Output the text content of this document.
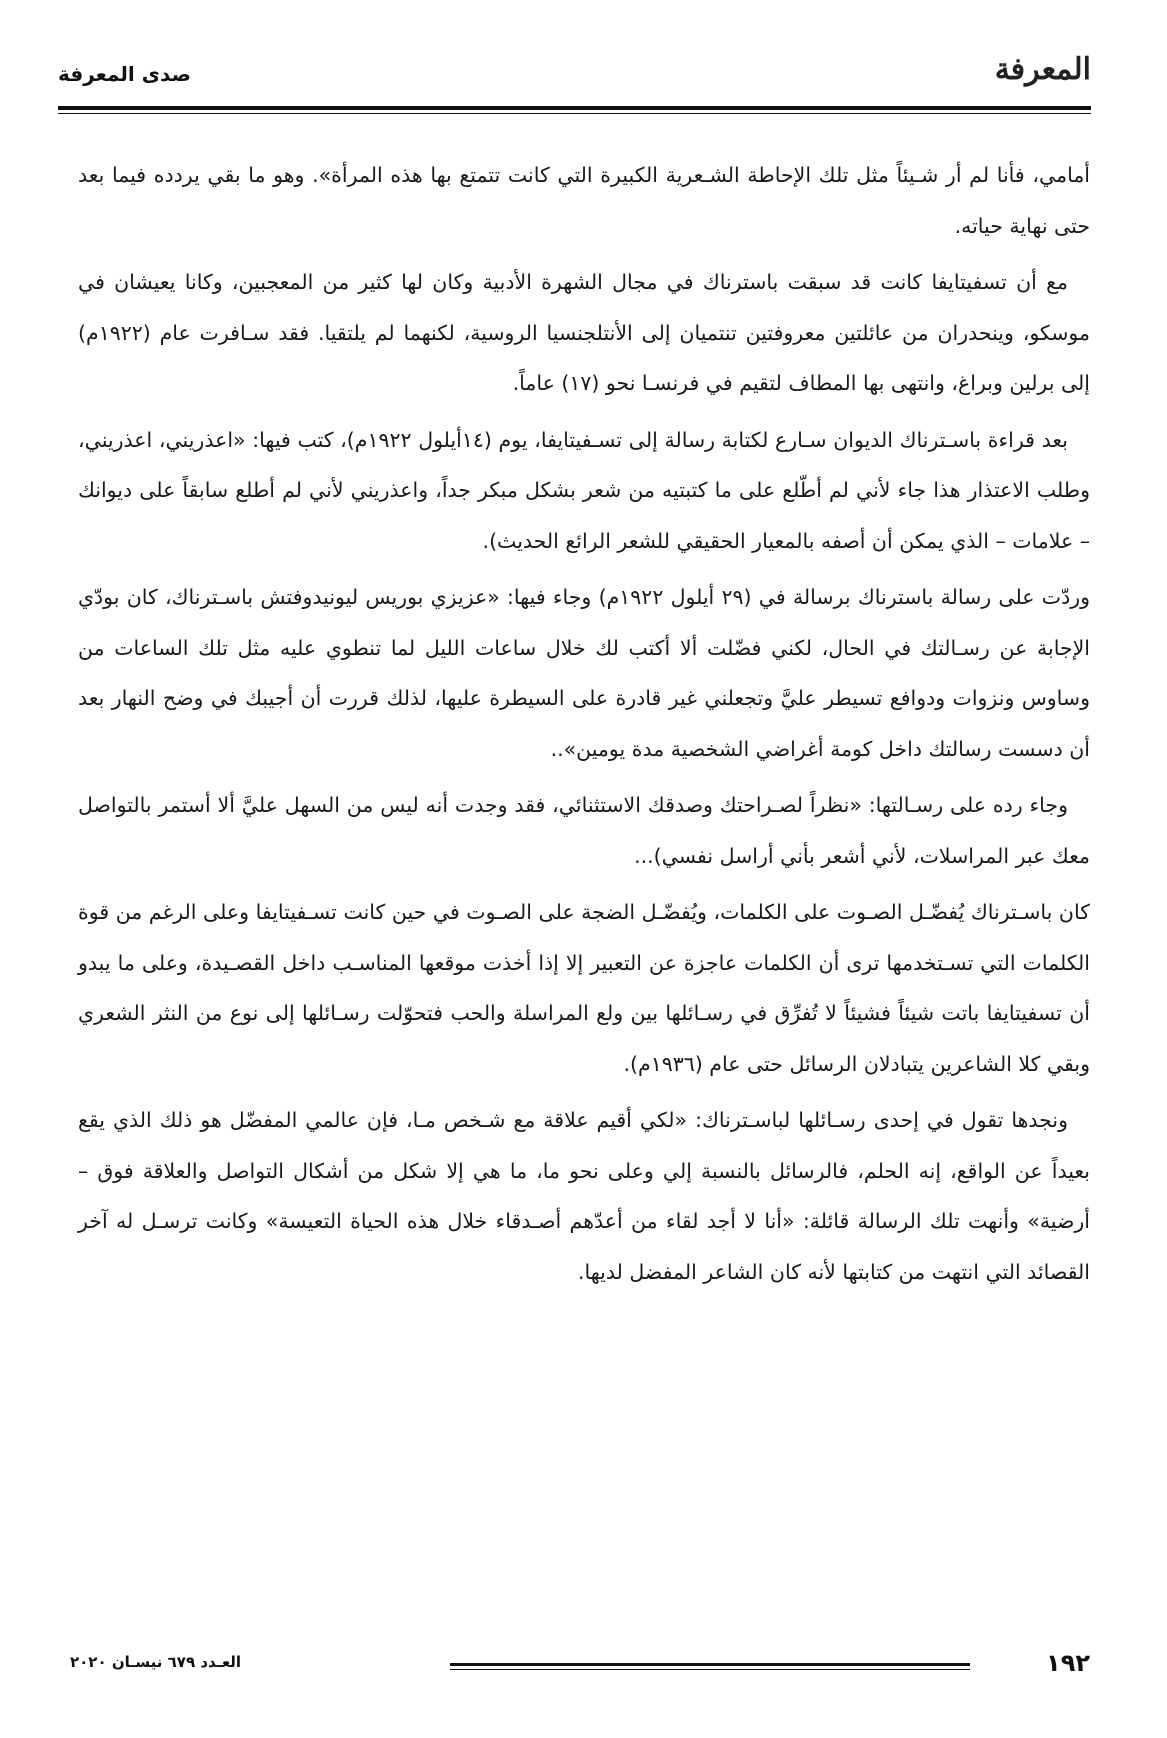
المعرفة
صدى المعرفة

أمامي، فأنا لم أر شـيئاً مثل تلك الإحاطة الشـعرية الكبيرة التي كانت تتمتع بها هذه المرأة». وهو ما بقي يردده فيما بعد حتى نهاية حياته.

مع أن تسفيتايفا كانت قد سبقت باسترناك في مجال الشهرة الأدبية وكان لها كثير من المعجبين، وكانا يعيشان في موسكو، وينحدران من عائلتين معروفتين تنتميان إلى الأنتلجنسيا الروسية، لكنهما لم يلتقيا. فقد سـافرت عام (١٩٢٢م) إلى برلين وبراغ، وانتهى بها المطاف لتقيم في فرنسـا نحو (١٧) عاماً.

بعد قراءة باسـترناك الديوان سـارع لكتابة رسالة إلى تسـفيتايفا، يوم (١٤أيلول ١٩٢٢م)، كتب فيها: «اعذريني، اعذريني، وطلب الاعتذار هذا جاء لأني لم أطّلع على ما كتبتيه من شعر بشكل مبكر جداً، واعذريني لأني لم أطلع سابقاً على ديوانك – علامات – الذي يمكن أن أصفه بالمعيار الحقيقي للشعر الرائع الحديث).

وردّت على رسالة باسترناك برسالة في (٢٩ أيلول ١٩٢٢م) وجاء فيها: «عزيزي بوريس ليونيدوفتش باسـترناك، كان بودّي الإجابة عن رسـالتك في الحال، لكني فضّلت ألا أكتب لك خلال ساعات الليل لما تنطوي عليه مثل تلك الساعات من وساوس ونزوات ودوافع تسيطر عليَّ وتجعلني غير قادرة على السيطرة عليها، لذلك قررت أن أجيبك في وضح النهار بعد أن دسست رسالتك داخل كومة أغراضي الشخصية مدة يومين»..

وجاء رده على رسـالتها: «نظراً لصـراحتك وصدقك الاستثنائي، فقد وجدت أنه ليس من السهل عليَّ ألا أستمر بالتواصل معك عبر المراسلات، لأني أشعر بأني أراسل نفسي)...

كان باسـترناك يُفضّـل الصـوت على الكلمات، ويُفضّـل الضجة على الصـوت في حين كانت تسـفيتايفا وعلى الرغم من قوة الكلمات التي تسـتخدمها ترى أن الكلمات عاجزة عن التعبير إلا إذا أخذت موقعها المناسـب داخل القصـيدة، وعلى ما يبدو أن تسفيتايفا باتت شيئاً فشيئاً لا تُفرِّق في رسـائلها بين ولع المراسلة والحب فتحوّلت رسـائلها إلى نوع من النثر الشعري وبقي كلا الشاعرين يتبادلان الرسائل حتى عام (١٩٣٦م).

ونجدها تقول في إحدى رسـائلها لباسـترناك: «لكي أقيم علاقة مع شـخص مـا، فإن عالمي المفضّل هو ذلك الذي يقع بعيداً عن الواقع، إنه الحلم، فالرسائل بالنسبة إلي وعلى نحو ما، ما هي إلا شكل من أشكال التواصل والعلاقة فوق – أرضية» وأنهت تلك الرسالة قائلة: «أنا لا أجد لقاء من أعدّهم أصـدقاء خلال هذه الحياة التعيسة» وكانت ترسـل له آخر القصائد التي انتهت من كتابتها لأنه كان الشاعر المفضل لديها.

١٩٢
العـدد ٦٧٩ نيسـان ٢٠٢٠
